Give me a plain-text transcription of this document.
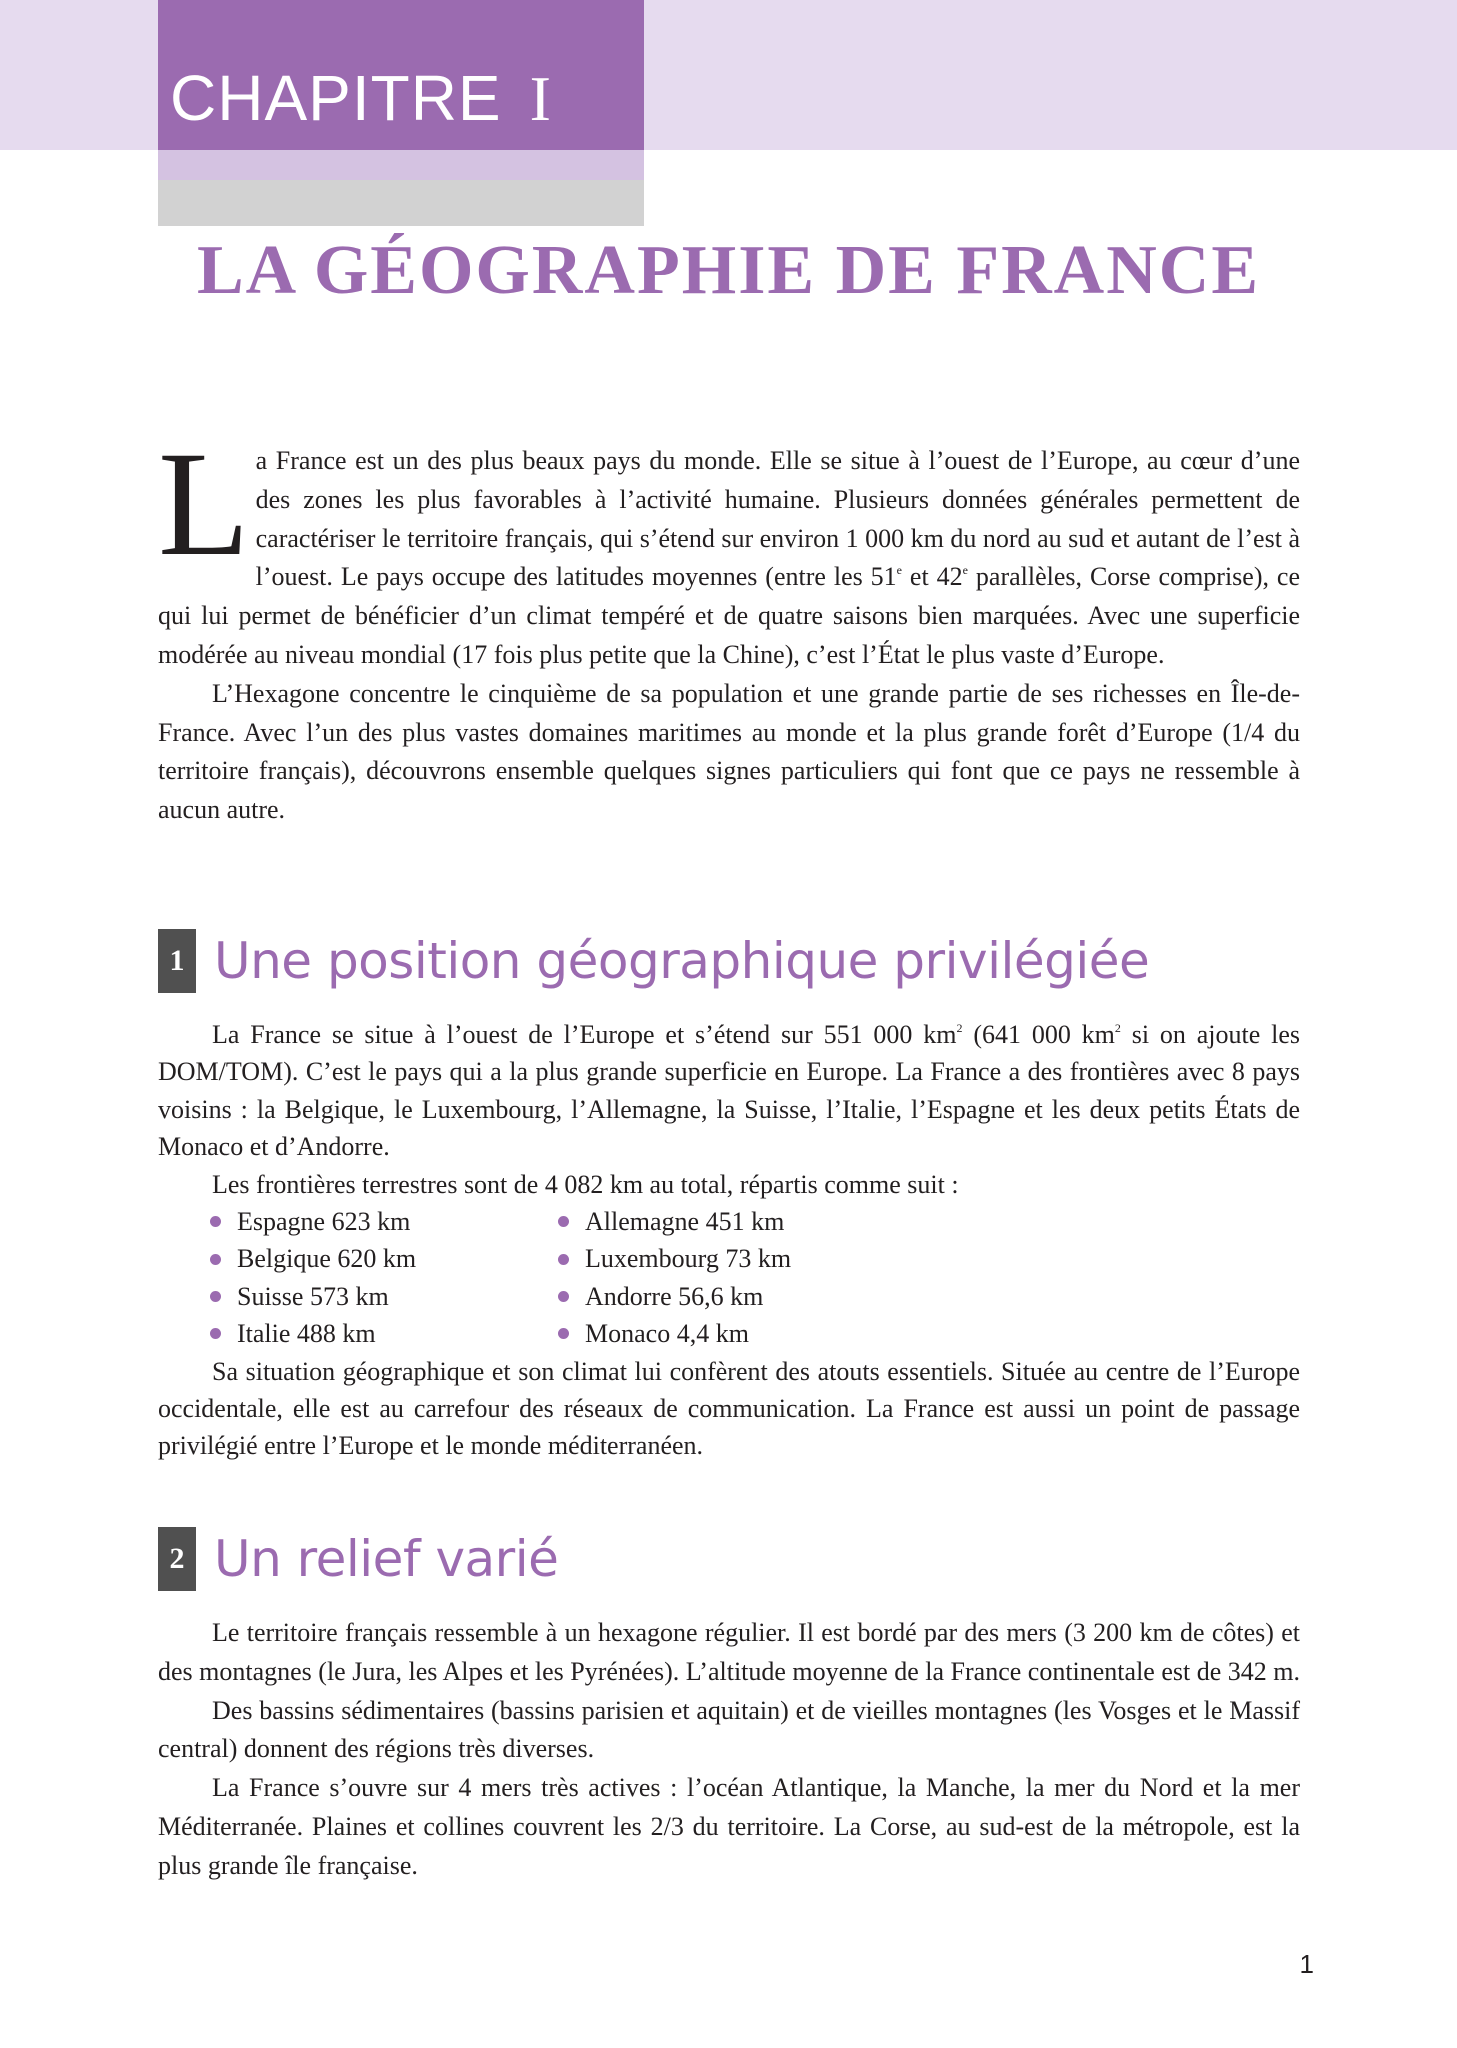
CHAPITRE I
LA GÉOGRAPHIE DE FRANCE

La France est un des plus beaux pays du monde. Elle se situe à l’ouest de l’Europe, au cœur d’une des zones les plus favorables à l’activité humaine. Plusieurs données générales permettent de caractériser le territoire français, qui s’étend sur environ 1 000 km du nord au sud et autant de l’est à l’ouest. Le pays occupe des latitudes moyennes (entre les 51e et 42e parallèles, Corse comprise), ce qui lui permet de bénéficier d’un climat tempéré et de quatre saisons bien marquées. Avec une superficie modérée au niveau mondial (17 fois plus petite que la Chine), c’est l’État le plus vaste d’Europe.

L’Hexagone concentre le cinquième de sa population et une grande partie de ses richesses en Île-de-France. Avec l’un des plus vastes domaines maritimes au monde et la plus grande forêt d’Europe (1/4 du territoire français), découvrons ensemble quelques signes particuliers qui font que ce pays ne ressemble à aucun autre.

1 Une position géographique privilégiée

La France se situe à l’ouest de l’Europe et s’étend sur 551 000 $km^2$ (641 000 $km^2$ si on ajoute les DOM/TOM). C’est le pays qui a la plus grande superficie en Europe. La France a des frontières avec 8 pays voisins : la Belgique, le Luxembourg, l’Allemagne, la Suisse, l’Italie, l’Espagne et les deux petits États de Monaco et d’Andorre.

Les frontières terrestres sont de 4 082 km au total, répartis comme suit :

Espagne 623 km	Allemagne 451 km
Belgique 620 km	Luxembourg 73 km
Suisse 573 km	Andorre 56,6 km
Italie 488 km	Monaco 4,4 km

Sa situation géographique et son climat lui confèrent des atouts essentiels. Située au centre de l’Europe occidentale, elle est au carrefour des réseaux de communication. La France est aussi un point de passage privilégié entre l’Europe et le monde méditerranéen.

2 Un relief varié

Le territoire français ressemble à un hexagone régulier. Il est bordé par des mers (3 200 km de côtes) et des montagnes (le Jura, les Alpes et les Pyrénées). L’altitude moyenne de la France continentale est de 342 m.

Des bassins sédimentaires (bassins parisien et aquitain) et de vieilles montagnes (les Vosges et le Massif central) donnent des régions très diverses.

La France s’ouvre sur 4 mers très actives : l’océan Atlantique, la Manche, la mer du Nord et la mer Méditerranée. Plaines et collines couvrent les 2/3 du territoire. La Corse, au sud-est de la métropole, est la plus grande île française.

1
